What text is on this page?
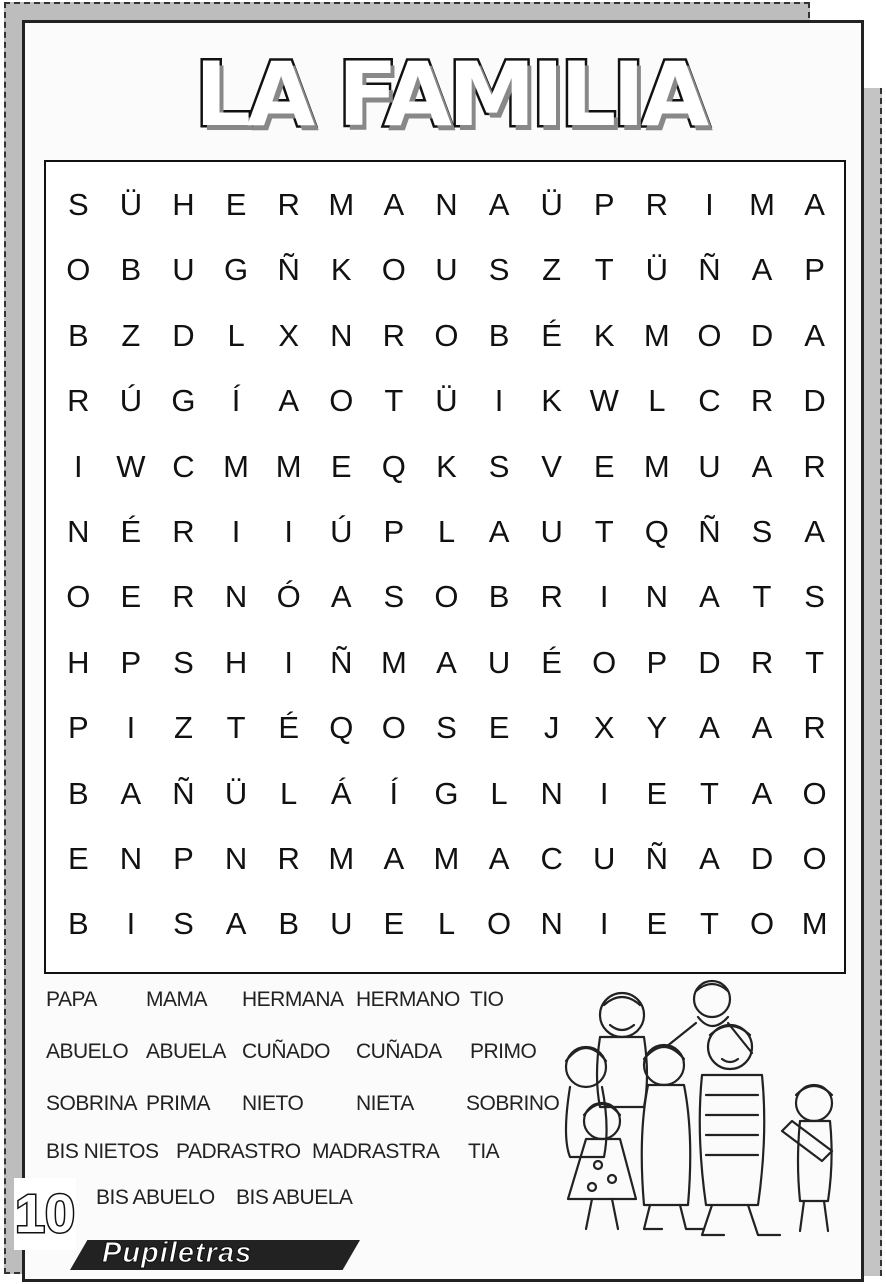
LA FAMILIA
S	Ü H	E	R M A	N	A	Ü	P	R	I	M A
O B	U G Ñ	K O U	S	Z	T	Ü Ñ	A	P
B	Z	D	L	X	N R O B	É	K M O D	A
R Ú G	Í	A O	T	Ü	I	K W L	C R D
I	W C M M E Q K	S	V	E M U	A	R
N	É	R	I	I	Ú	P	L	A	U	T	Q Ñ	S	A
O E	R N Ó A	S O B	R	I	N	A	T	S
H	P	S	H	I	Ñ M A	U	É O P	D R	T
P	I	Z	T	É Q O S	E	J	X	Y	A	A	R
B	A	Ñ Ü	L	Á	Í	G	L	N	I	E	T	A O
E	N	P	N R M A M A	C U Ñ	A	D O
B	I	S	A	B	U	E	L	O N	I	E	T	O M
PAPA MAMA HERMANA HERMANO TIO
ABUELO ABUELA CUÑADO CUÑADA PRIMO
SOBRINA PRIMA NIETO	NIETA SOBRINO
BIS NIETOS PADRASTRO MADRASTRA TIA
BIS ABUELO BIS ABUELA
10
Pupiletras
